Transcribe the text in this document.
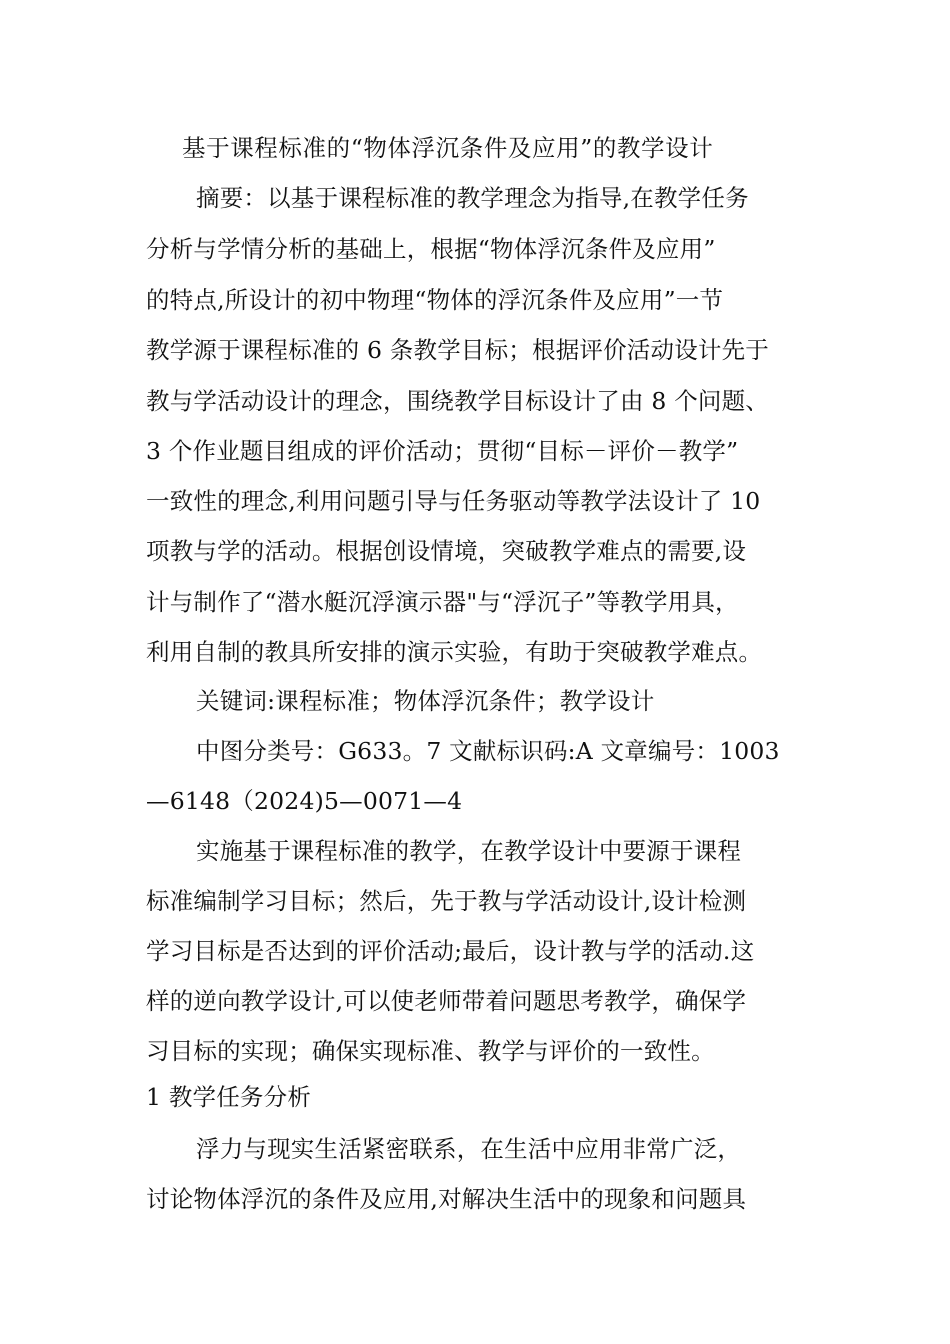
基于课程标准的“物体浮沉条件及应用”的教学设计
摘要：以基于课程标准的教学理念为指导,在教学任务
分析与学情分析的基础上，根据“物体浮沉条件及应用”
的特点,所设计的初中物理“物体的浮沉条件及应用”一节
教学源于课程标准的 6 条教学目标；根据评价活动设计先于
教与学活动设计的理念，围绕教学目标设计了由 8 个问题、
3 个作业题目组成的评价活动；贯彻“目标－评价－教学”
一致性的理念,利用问题引导与任务驱动等教学法设计了 10
项教与学的活动。根据创设情境，突破教学难点的需要,设
计与制作了“潜水艇沉浮演示器"与“浮沉子”等教学用具，
利用自制的教具所安排的演示实验，有助于突破教学难点。
关键词:课程标准；物体浮沉条件；教学设计
中图分类号：G633。7 文献标识码:A 文章编号：1003
—6148（2024)5—0071—4
实施基于课程标准的教学，在教学设计中要源于课程
标准编制学习目标；然后，先于教与学活动设计,设计检测
学习目标是否达到的评价活动;最后，设计教与学的活动.这
样的逆向教学设计,可以使老师带着问题思考教学，确保学
习目标的实现；确保实现标准、教学与评价的一致性。
1 教学任务分析
浮力与现实生活紧密联系，在生活中应用非常广泛，
讨论物体浮沉的条件及应用,对解决生活中的现象和问题具
